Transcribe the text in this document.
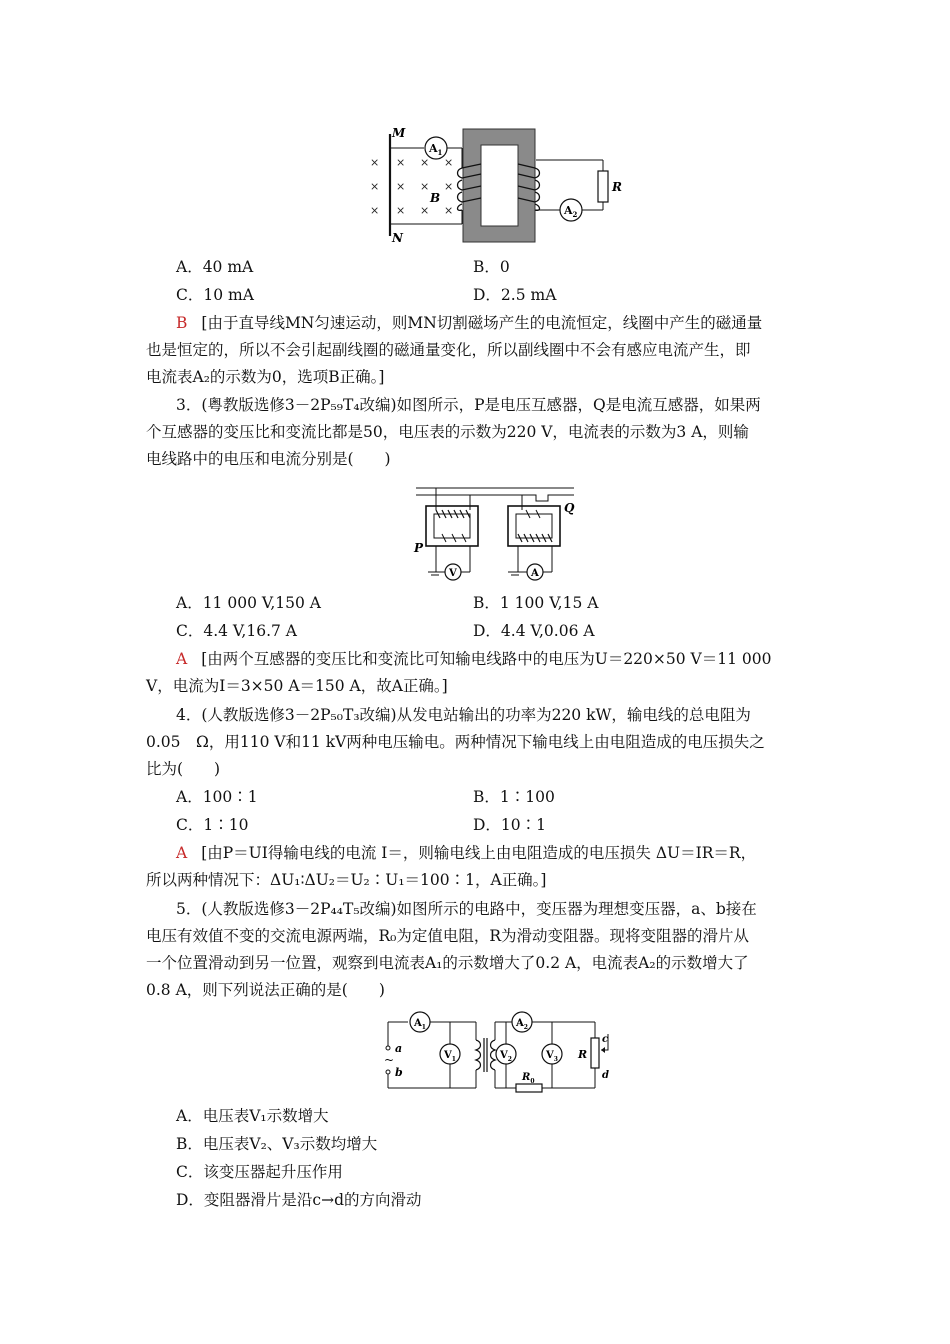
M
N
× × × ×
× × × ×
× × × ×
B
$A_1$
R
$A_2$
A．40 mA	B．0
C．10 mA	D．2.5 mA
B [由于直导线MN匀速运动，则MN切割磁场产生的电流恒定，线圈中产生的磁通量
也是恒定的，所以不会引起副线圈的磁通量变化，所以副线圈中不会有感应电流产生，即
电流表A₂的示数为0，选项B正确。]
3．(粤教版选修3－2P₅₉T₄改编)如图所示，P是电压互感器，Q是电流互感器，如果两
个互感器的变压比和变流比都是50，电压表的示数为220 V，电流表的示数为3 A，则输
电线路中的电压和电流分别是(　　)
P
V
Q
A
A．11 000 V,150 A	B．1 100 V,15 A
C．4.4 V,16.7 A	D．4.4 V,0.06 A
A [由两个互感器的变压比和变流比可知输电线路中的电压为U＝220×50 V＝11 000
V，电流为I＝3×50 A＝150 A，故A正确。]
4．(人教版选修3－2P₅₀T₃改编)从发电站输出的功率为220 kW，输电线的总电阻为
0.05　Ω，用110 V和11 kV两种电压输电。两种情况下输电线上由电阻造成的电压损失之
比为(　　)
A．100∶1	B．1∶100
C．1∶10	D．10∶1
A [由P＝UI得输电线的电流 I＝，则输电线上由电阻造成的电压损失 ΔU＝IR＝R，
所以两种情况下：ΔU₁∶ΔU₂＝U₂∶U₁＝100∶1，A正确。]
5．(人教版选修3－2P₄₄T₅改编)如图所示的电路中，变压器为理想变压器，a、b接在
电压有效值不变的交流电源两端，R₀为定值电阻，R为滑动变阻器。现将变阻器的滑片从
一个位置滑动到另一位置，观察到电流表A₁的示数增大了0.2 A，电流表A₂的示数增大了
0.8 A，则下列说法正确的是(　　)
a
~
b
$A_1$
$V_1$
$A_2$
$V_2$
$R_0$
$V_3$ R
c
d
A．电压表V₁示数增大
B．电压表V₂、V₃示数均增大
C．该变压器起升压作用
D．变阻器滑片是沿c→d的方向滑动
